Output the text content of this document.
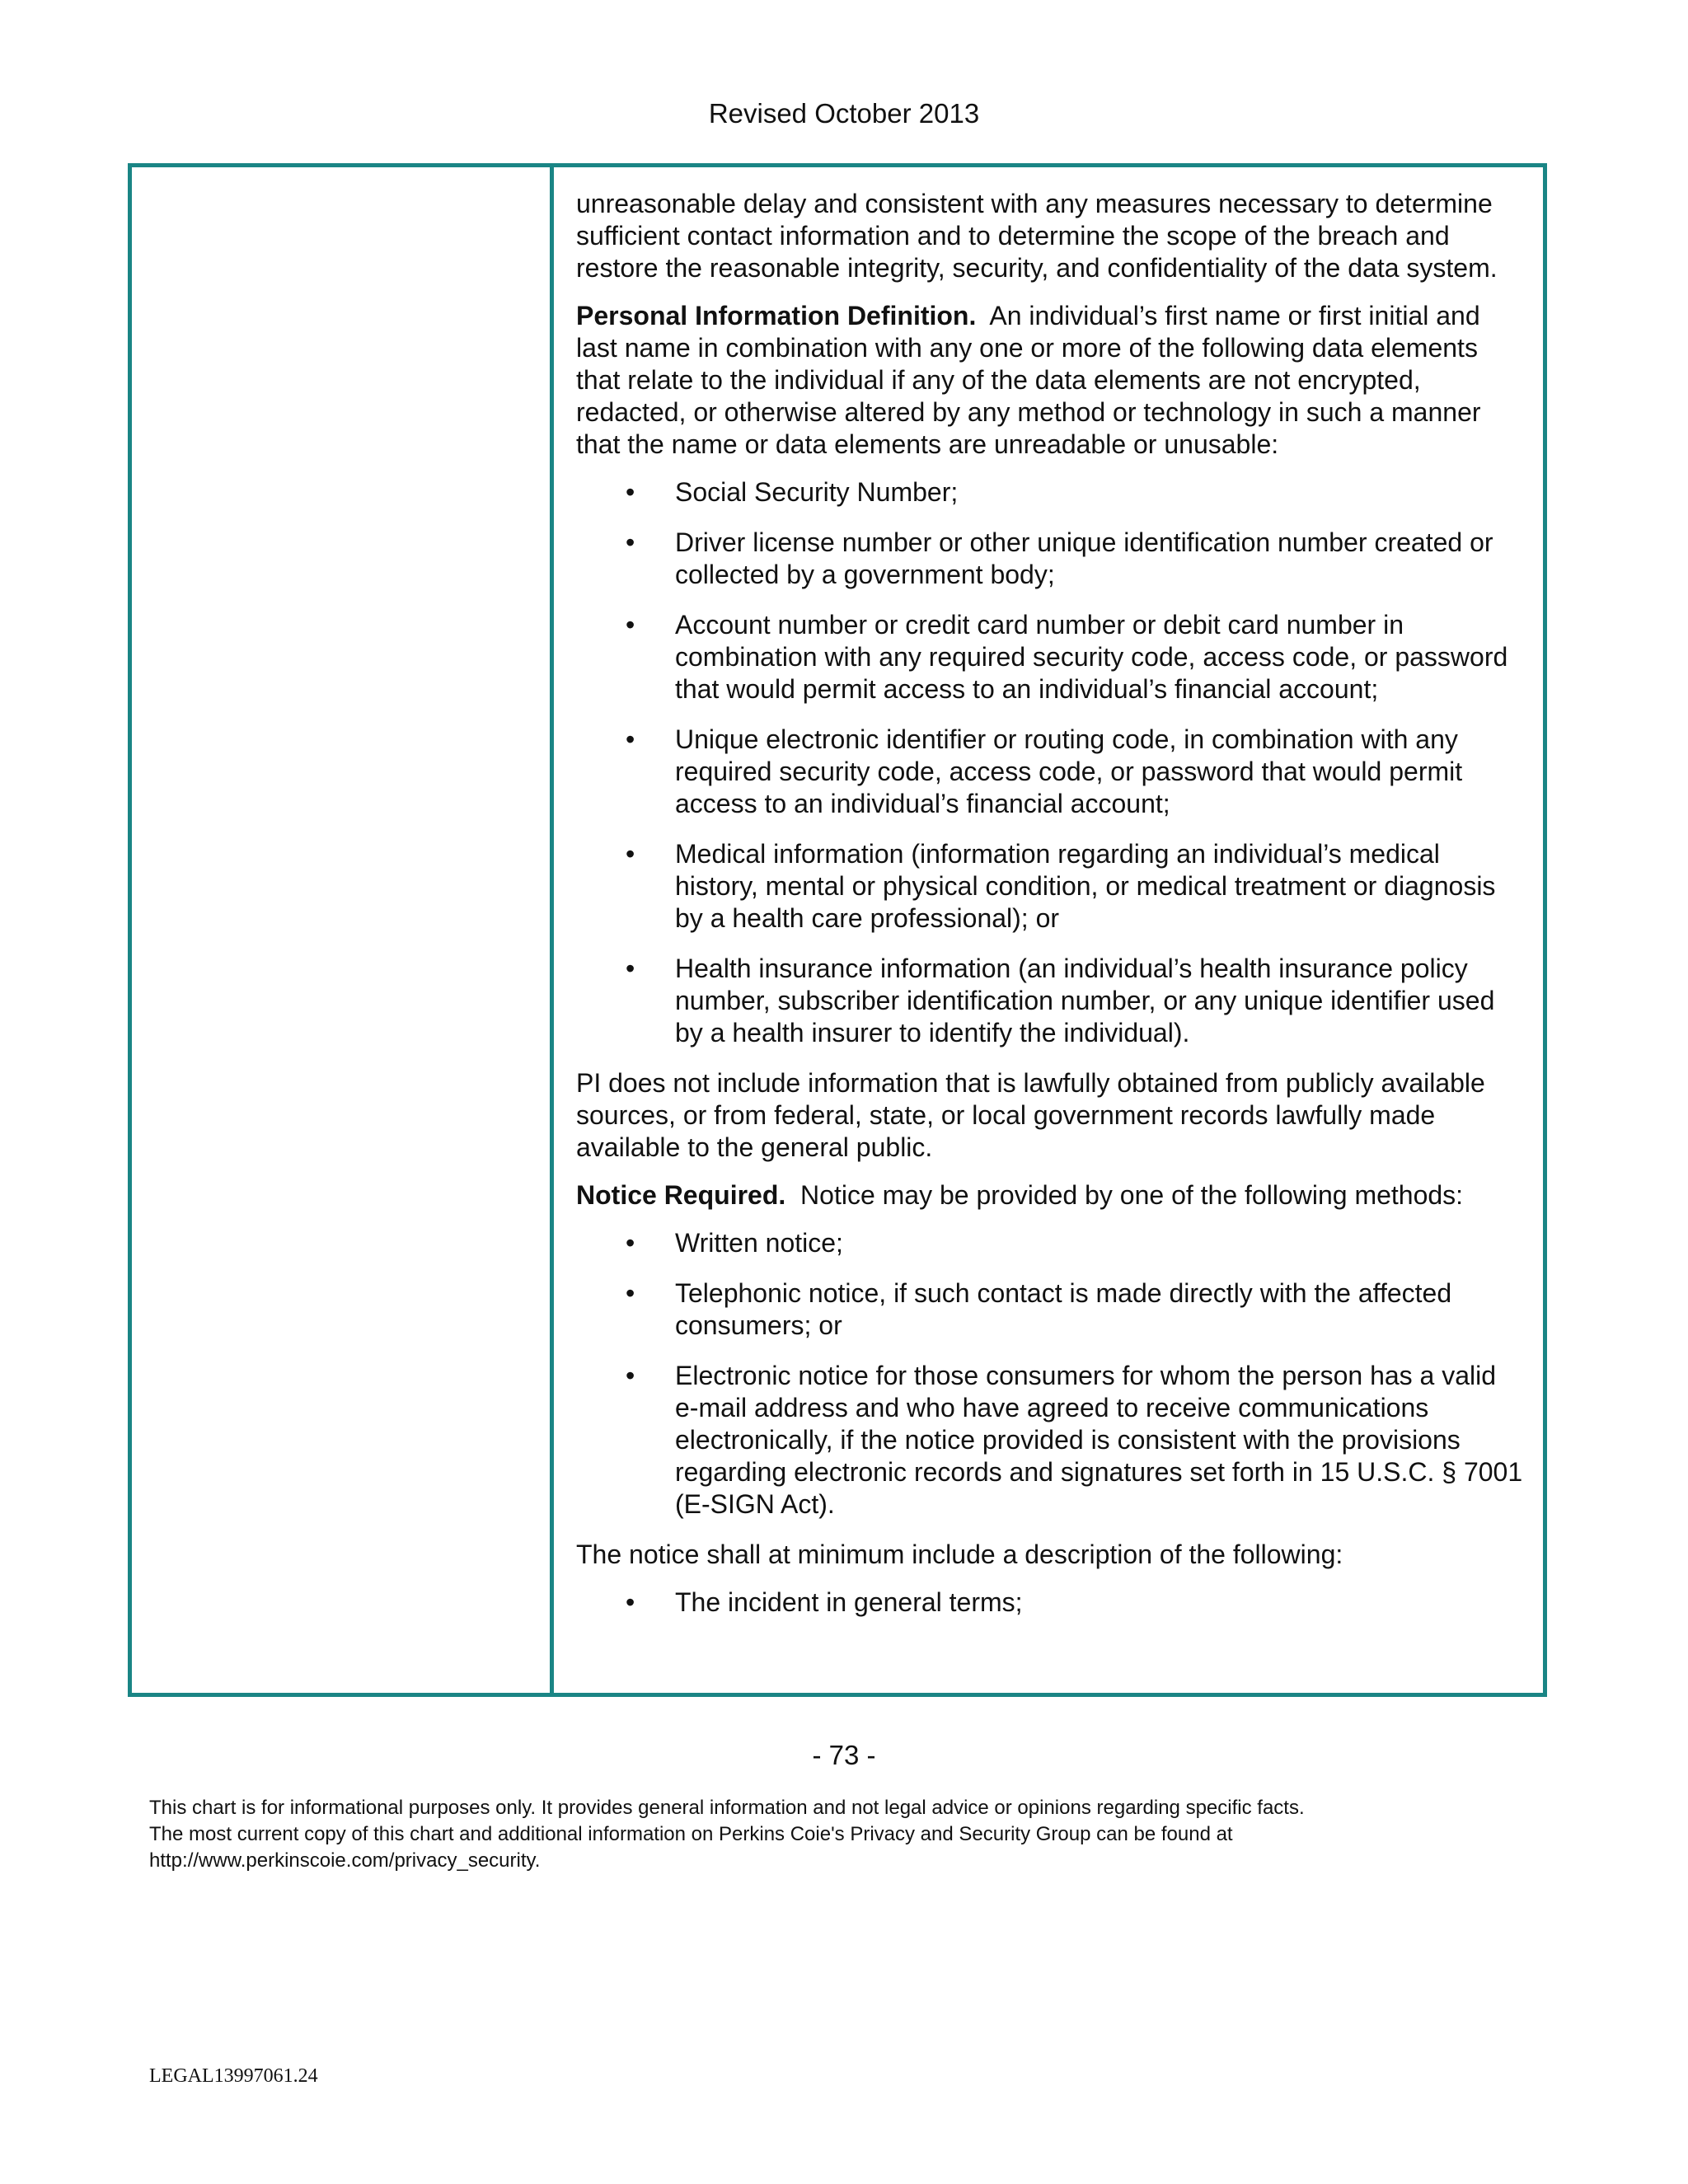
Revised October 2013

unreasonable delay and consistent with any measures necessary to determine sufficient contact information and to determine the scope of the breach and restore the reasonable integrity, security, and confidentiality of the data system.

Personal Information Definition. An individual’s first name or first initial and last name in combination with any one or more of the following data elements that relate to the individual if any of the data elements are not encrypted, redacted, or otherwise altered by any method or technology in such a manner that the name or data elements are unreadable or unusable:

• Social Security Number;
• Driver license number or other unique identification number created or collected by a government body;
• Account number or credit card number or debit card number in combination with any required security code, access code, or password that would permit access to an individual’s financial account;
• Unique electronic identifier or routing code, in combination with any required security code, access code, or password that would permit access to an individual’s financial account;
• Medical information (information regarding an individual’s medical history, mental or physical condition, or medical treatment or diagnosis by a health care professional); or
• Health insurance information (an individual’s health insurance policy number, subscriber identification number, or any unique identifier used by a health insurer to identify the individual).

PI does not include information that is lawfully obtained from publicly available sources, or from federal, state, or local government records lawfully made available to the general public.

Notice Required. Notice may be provided by one of the following methods:

• Written notice;
• Telephonic notice, if such contact is made directly with the affected consumers; or
• Electronic notice for those consumers for whom the person has a valid e-mail address and who have agreed to receive communications electronically, if the notice provided is consistent with the provisions regarding electronic records and signatures set forth in 15 U.S.C. § 7001 (E-SIGN Act).

The notice shall at minimum include a description of the following:

• The incident in general terms;
- 73 -
This chart is for informational purposes only. It provides general information and not legal advice or opinions regarding specific facts.
The most current copy of this chart and additional information on Perkins Coie's Privacy and Security Group can be found at
http://www.perkinscoie.com/privacy_security.
LEGAL13997061.24
